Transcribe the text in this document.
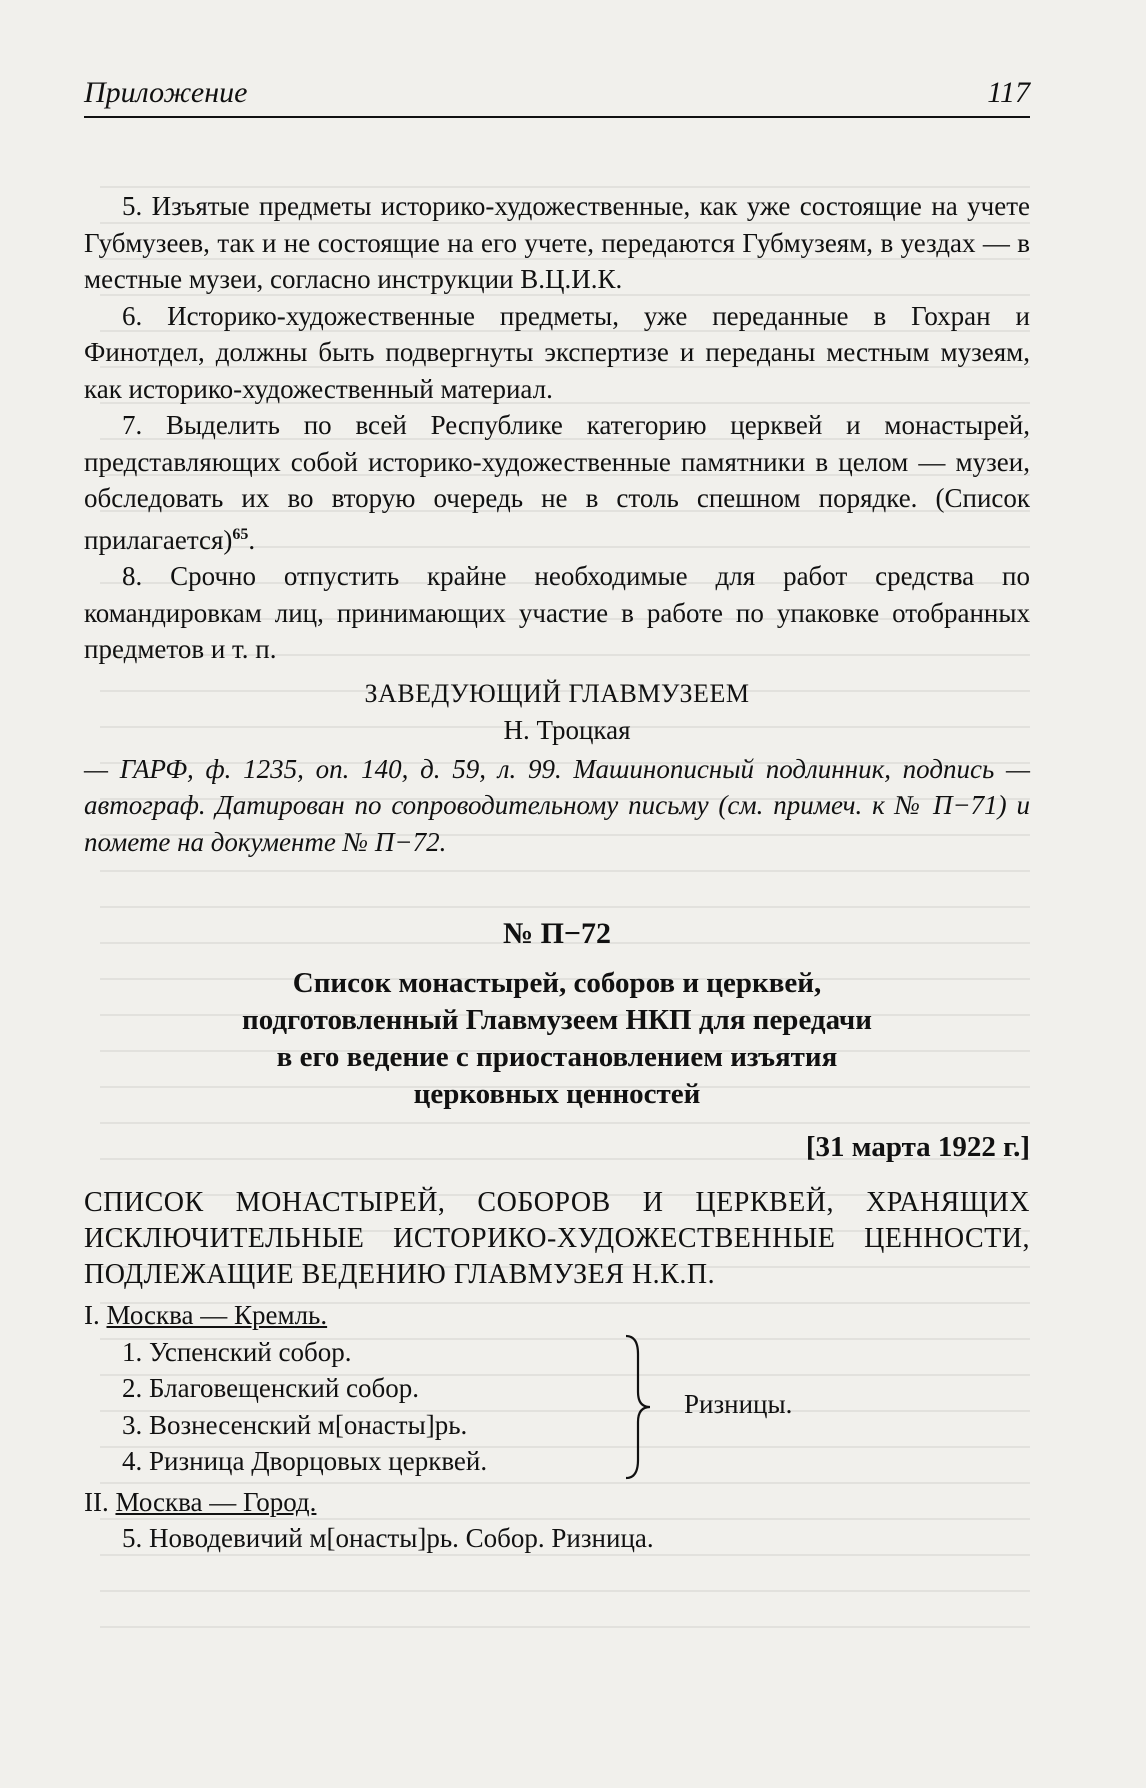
Приложение	117

5. Изъятые предметы историко-художественные, как уже состоящие на учете Губмузеев, так и не состоящие на его учете, передаются Губмузеям, в уездах — в местные музеи, согласно инструкции В.Ц.И.К.

6. Историко-художественные предметы, уже переданные в Гохран и Финотдел, должны быть подвергнуты экспертизе и переданы местным музеям, как историко-художественный материал.

7. Выделить по всей Республике категорию церквей и монастырей, представляющих собой историко-художественные памятники в целом — музеи, обследовать их во вторую очередь не в столь спешном порядке. (Список прилагается)$^{65}$.

8. Срочно отпустить крайне необходимые для работ средства по командировкам лиц, принимающих участие в работе по упаковке отобранных предметов и т. п.

ЗАВЕДУЮЩИЙ ГЛАВМУЗЕЕМ
Н. Троцкая

— ГАРФ, ф. 1235, оп. 140, д. 59, л. 99. Машинописный подлинник, подпись — автограф. Датирован по сопроводительному письму (см. примеч. к № П−71) и помете на документе № П−72.

№ П−72
Список монастырей, соборов и церквей,
подготовленный Главмузеем НКП для передачи
в его ведение с приостановлением изъятия
церковных ценностей
[31 марта 1922 г.]
СПИСОК МОНАСТЫРЕЙ, СОБОРОВ И ЦЕРКВЕЙ, ХРАНЯЩИХ ИСКЛЮЧИТЕЛЬНЫЕ ИСТОРИКО-ХУДОЖЕСТВЕННЫЕ ЦЕННОСТИ, ПОДЛЕЖАЩИЕ ВЕДЕНИЮ ГЛАВМУЗЕЯ Н.К.П.
I. Москва — Кремль.
1. Успенский собор.
2. Благовещенский собор.
3. Вознесенский м[онасты]рь.
4. Ризница Дворцовых церквей.
Ризницы.
II. Москва — Город.
5. Новодевичий м[онасты]рь. Собор. Ризница.
